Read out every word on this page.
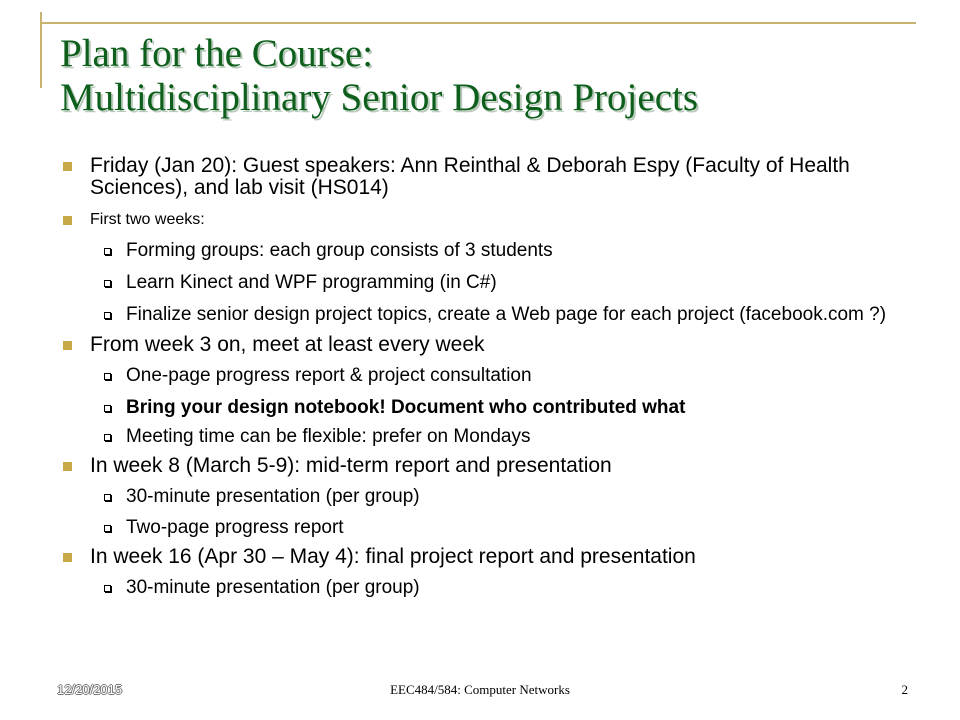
Plan for the Course:
Multidisciplinary Senior Design Projects
Friday (Jan 20): Guest speakers: Ann Reinthal & Deborah Espy (Faculty of Health Sciences), and lab visit (HS014)
First two weeks:
Forming groups: each group consists of 3 students
Learn Kinect and WPF programming (in C#)
Finalize senior design project topics, create a Web page for each project (facebook.com ?)
From week 3 on, meet at least every week
One-page progress report & project consultation
Bring your design notebook! Document who contributed what
Meeting time can be flexible: prefer on Mondays
In week 8 (March 5-9): mid-term report and presentation
30-minute presentation (per group)
Two-page progress report
In week 16 (Apr 30 – May 4): final project report and presentation
30-minute presentation (per group)
12/20/2015	EEC484/584: Computer Networks	2
